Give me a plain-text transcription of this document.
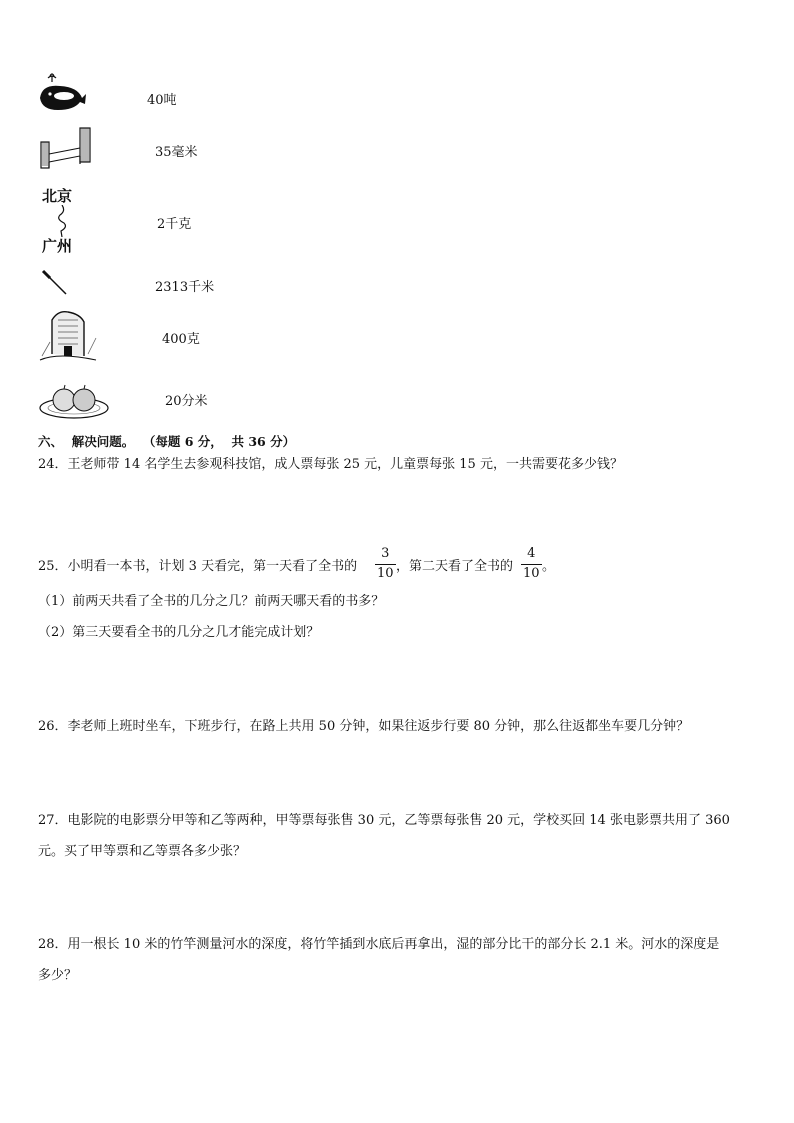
40吨
35毫米
北京
广州
2千克
2313千米
400克
20分米
六、  解决问题。  （每题 6 分，  共 36 分）
24．王老师带 14 名学生去参观科技馆，成人票每张 25 元，儿童票每张 15 元，一共需要花多少钱？
25．小明看一本书，计划 3 天看完，第一天看了全书的
3
10 ，第二天看了全书的
4
10 。
（1）前两天共看了全书的几分之几？前两天哪天看的书多？
（2）第三天要看全书的几分之几才能完成计划？
26．李老师上班时坐车，下班步行，在路上共用 50 分钟，如果往返步行要 80 分钟，那么往返都坐车要几分钟？
27．电影院的电影票分甲等和乙等两种，甲等票每张售 30 元，乙等票每张售 20 元，学校买回 14 张电影票共用了 360
元。买了甲等票和乙等票各多少张？
28．用一根长 10 米的竹竿测量河水的深度，将竹竿插到水底后再拿出，湿的部分比干的部分长 2.1 米。河水的深度是
多少？
